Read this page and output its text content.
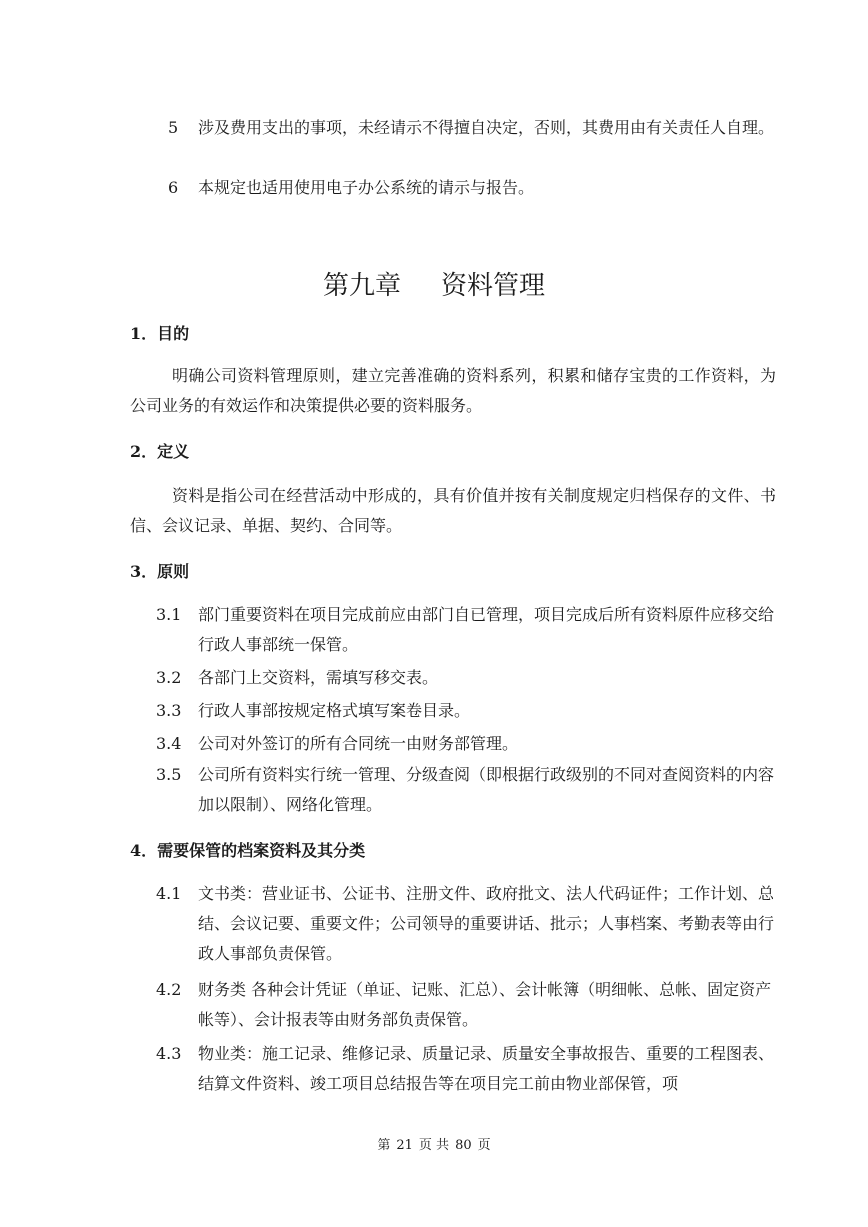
5 涉及费用支出的事项，未经请示不得擅自决定，否则，其费用由有关责任人自理。
6 本规定也适用使用电子办公系统的请示与报告。
第九章 资料管理
1．目的
明确公司资料管理原则，建立完善准确的资料系列，积累和储存宝贵的工作资料，为公司业务的有效运作和决策提供必要的资料服务。
2．定义
资料是指公司在经营活动中形成的，具有价值并按有关制度规定归档保存的文件、书信、会议记录、单据、契约、合同等。
3．原则
3.1 部门重要资料在项目完成前应由部门自已管理，项目完成后所有资料原件应移交给行政人事部统一保管。
3.2 各部门上交资料，需填写移交表。
3.3 行政人事部按规定格式填写案卷目录。
3.4 公司对外签订的所有合同统一由财务部管理。
3.5 公司所有资料实行统一管理、分级查阅（即根据行政级别的不同对查阅资料的内容加以限制）、网络化管理。
4．需要保管的档案资料及其分类
4.1 文书类：营业证书、公证书、注册文件、政府批文、法人代码证件；工作计划、总结、会议记要、重要文件；公司领导的重要讲话、批示；人事档案、考勤表等由行政人事部负责保管。
4.2 财务类 各种会计凭证（单证、记账、汇总）、会计帐簿（明细帐、总帐、固定资产帐等）、会计报表等由财务部负责保管。
4.3 物业类：施工记录、维修记录、质量记录、质量安全事故报告、重要的工程图表、结算文件资料、竣工项目总结报告等在项目完工前由物业部保管，项
第 21 页 共 80 页
